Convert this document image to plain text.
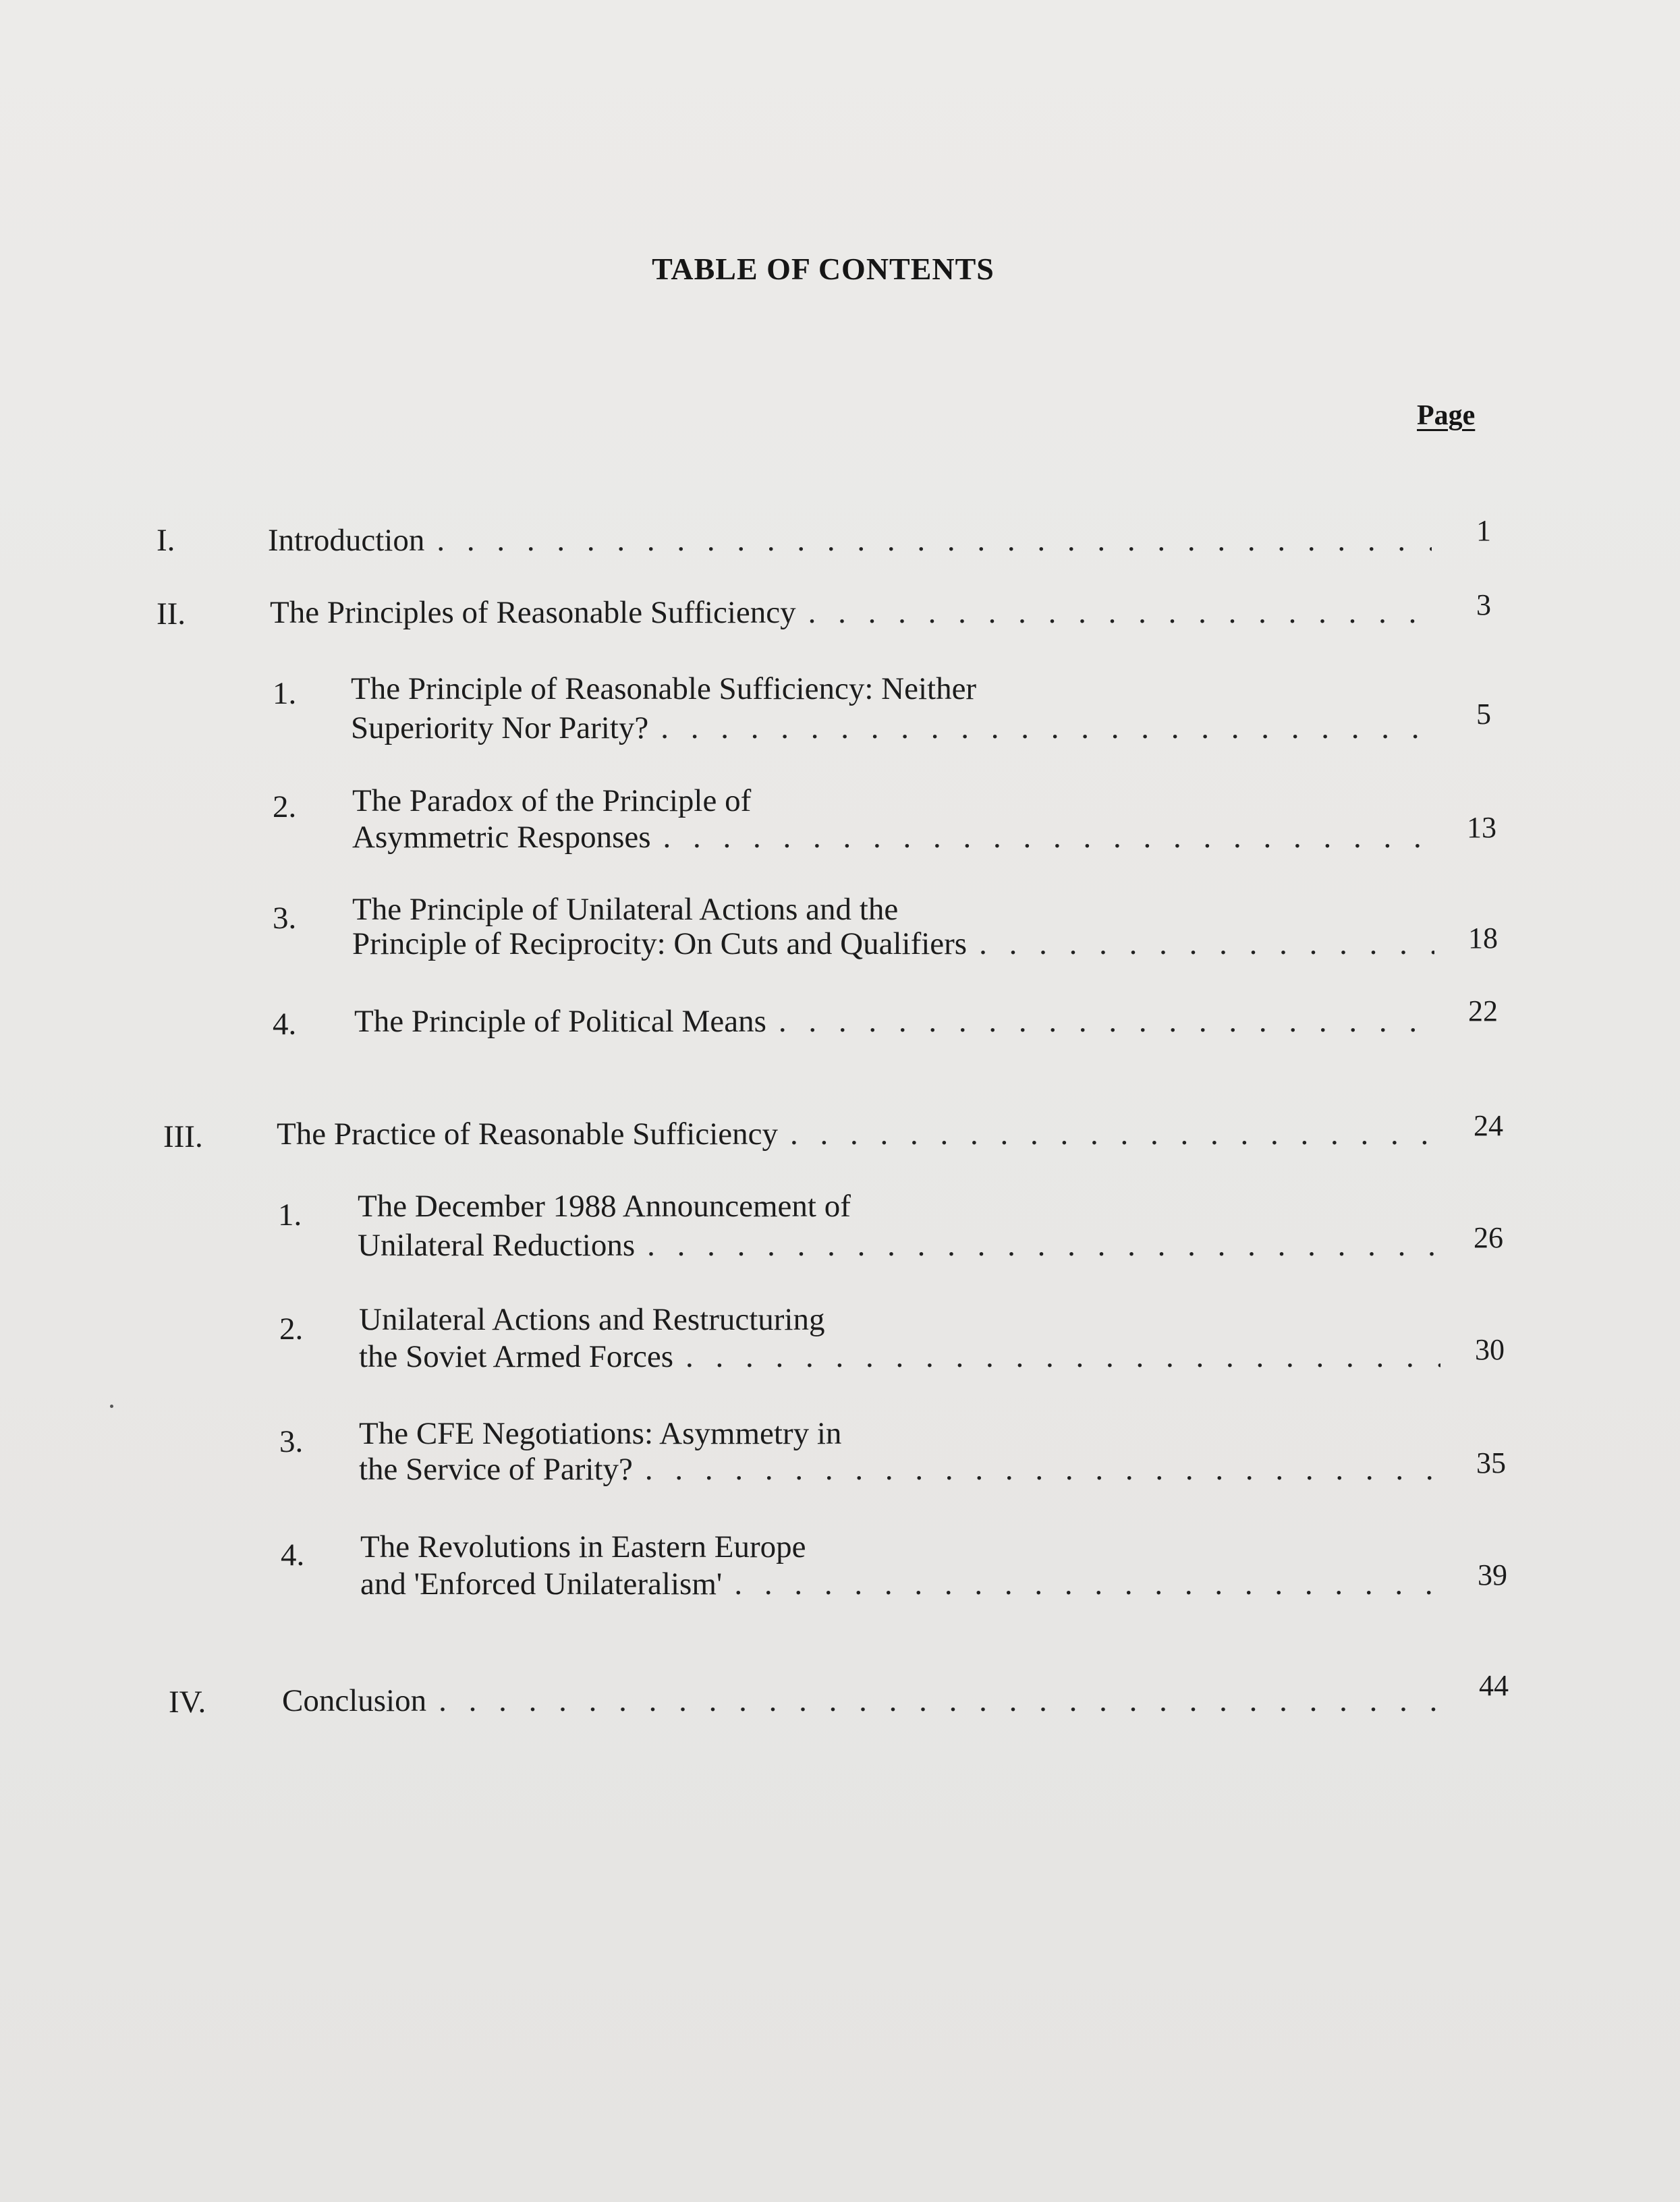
TABLE OF CONTENTS
Page
I.	Introduction . . .	1
II.	The Principles of Reasonable Sufficiency . . .	3
1. The Principle of Reasonable Sufficiency: Neither
Superiority Nor Parity? . . .	5
2. The Paradox of the Principle of
Asymmetric Responses . . .	13
3. The Principle of Unilateral Actions and the
Principle of Reciprocity: On Cuts and Qualifiers . . .	18
4. The Principle of Political Means . . .	22
III. The Practice of Reasonable Sufficiency . . .	24
1. The December 1988 Announcement of
Unilateral Reductions . . .	26
2. Unilateral Actions and Restructuring
the Soviet Armed Forces . . .	30
3. The CFE Negotiations: Asymmetry in
the Service of Parity? . . .	35
4. The Revolutions in Eastern Europe
and 'Enforced Unilateralism' . . .	39
IV. Conclusion . . .	44
